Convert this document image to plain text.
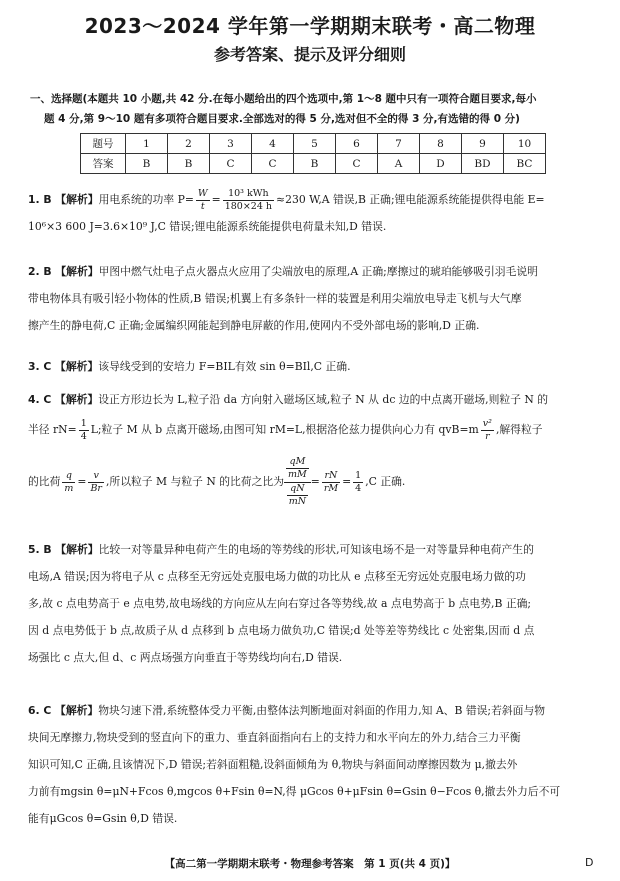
2023～2024 学年第一学期期末联考・高二物理
参考答案、提示及评分细则
一、选择题(本题共 10 小题,共 42 分.在每小题给出的四个选项中,第 1～8 题中只有一项符合题目要求,每小
题 4 分,第 9～10 题有多项符合题目要求.全部选对的得 5 分,选对但不全的得 3 分,有选错的得 0 分)
题号	1	2	3	4	5	6	7	8	9	10
答案	B	B	C	C	B	C	A	D	BD	BC

1. B 【解析】用电系统的功率 $P= \frac{W}{t} = \frac{\text{10³ kWh}}{180\times 24 h} \approx 230$ W,A 错误,B 正确;锂电能源系统能提供得电能 E=

10⁶×3 600 J=3.6×10⁹ J,C 错误;锂电能源系统能提供电荷量未知,D 错误.

2. B 【解析】甲图中燃气灶电子点火器点火应用了尖端放电的原理,A 正确;摩擦过的琥珀能够吸引羽毛说明

带电物体具有吸引轻小物体的性质,B 错误;机翼上有多条针一样的装置是利用尖端放电导走飞机与大气摩

擦产生的静电荷,C 正确;金属编织网能起到静电屏蔽的作用,使网内不受外部电场的影响,D 正确.

3. C 【解析】该导线受到的安培力 F=BIL有效 sin θ=BIl,C 正确.

4. C 【解析】设正方形边长为 L,粒子沿 da 方向射入磁场区域,粒子 N 从 dc 边的中点离开磁场,则粒子 N 的

半径 $rN= \frac{1}{4} L$;粒子 M 从 b 点离开磁场,由图可知 rM=L,根据洛伦兹力提供向心力有 $qvB=m \frac{\text{v²}}{r}$ ,解得粒子

的比荷 $\frac{q}{m} = \frac{v}{Br}$ ,所以粒子 M 与粒子 N 的比荷之比为
$\frac{qM}{mM}$
$\frac{qN}{mN}$
= $\frac{rN}{rM} = \frac{1}{4} ,C$ 正确.

5. B 【解析】比较一对等量异种电荷产生的电场的等势线的形状,可知该电场不是一对等量异种电荷产生的

电场,A 错误;因为将电子从 c 点移至无穷远处克服电场力做的功比从 e 点移至无穷远处克服电场力做的功

多,故 c 点电势高于 e 点电势,故电场线的方向应从左向右穿过各等势线,故 a 点电势高于 b 点电势,B 正确;

因 d 点电势低于 b 点,故质子从 d 点移到 b 点电场力做负功,C 错误;d 处等差等势线比 c 处密集,因而 d 点

场强比 c 点大,但 d、c 两点场强方向垂直于等势线均向右,D 错误.

6. C 【解析】物块匀速下滑,系统整体受力平衡,由整体法判断地面对斜面的作用力,知 A、B 错误;若斜面与物

块间无摩擦力,物块受到的竖直向下的重力、垂直斜面指向右上的支持力和水平向左的外力,结合三力平衡

知识可知,C 正确,且该情况下,D 错误;若斜面粗糙,设斜面倾角为 θ,物块与斜面间动摩擦因数为 μ,撤去外

力前有mgsin θ=μN+Fcos θ,mgcos θ+Fsin θ=N,得 μGcos θ+μFsin θ=Gsin θ−Fcos θ,撤去外力后不可

能有μGcos θ=Gsin θ,D 错误.

【高二第一学期期末联考・物理参考答案　第 1 页(共 4 页)】	D
